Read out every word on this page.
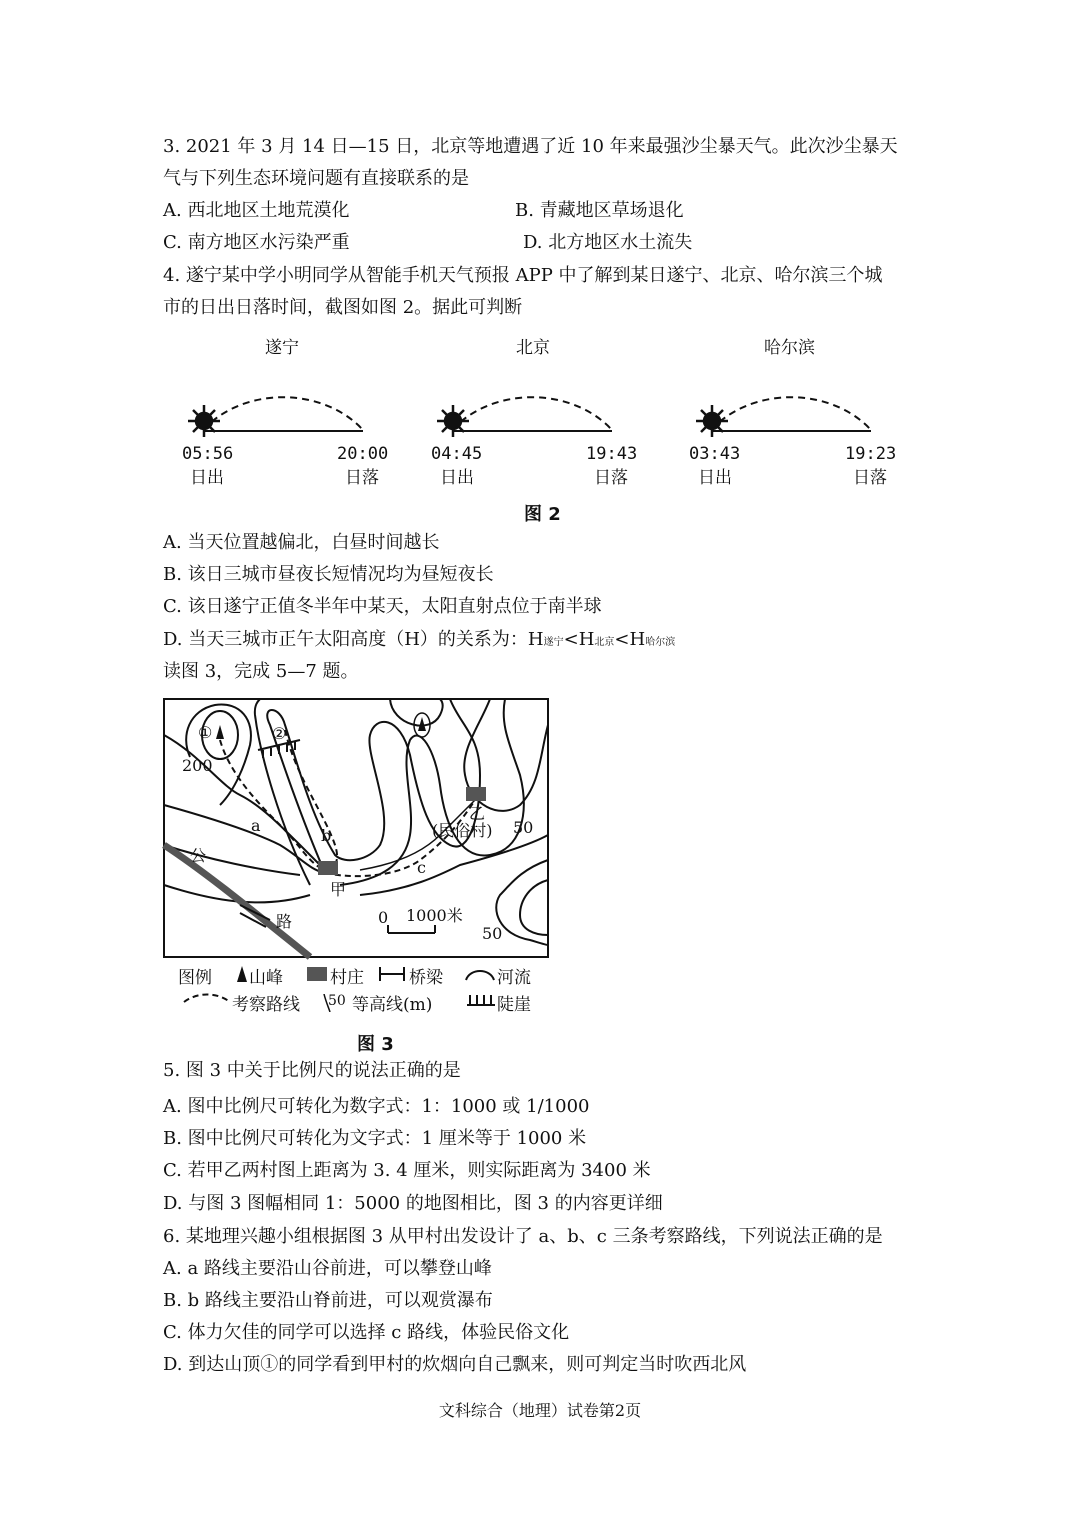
3. 2021 年 3 月 14 日—15 日，北京等地遭遇了近 10 年来最强沙尘暴天气。此次沙尘暴天
气与下列生态环境问题有直接联系的是
A. 西北地区土地荒漠化	B. 青藏地区草场退化
C. 南方地区水污染严重	D. 北方地区水土流失
4. 遂宁某中学小明同学从智能手机天气预报 APP 中了解到某日遂宁、北京、哈尔滨三个城
市的日出日落时间，截图如图 2。据此可判断
遂宁	北京	哈尔滨
05:56
日出
20:00
日落
04:45
日出
19:43
日落
03:43
日出
19:23
日落
图 2
A. 当天位置越偏北，白昼时间越长
B. 该日三城市昼夜长短情况均为昼短夜长
C. 该日遂宁正值冬半年中某天，太阳直射点位于南半球
D. 当天三城市正午太阳高度（H）的关系为：H遂宁<H北京<H哈尔滨
读图 3，完成 5—7 题。
①	②
200
50
50
a
b
c
甲
乙
(民俗村)
公
路	0 1000米
图例 山峰	村庄	桥梁	河流
考察路线 50 等高线(m)	陡崖
图 3
5. 图 3 中关于比例尺的说法正确的是
A. 图中比例尺可转化为数字式：1：1000 或 1/1000
B. 图中比例尺可转化为文字式：1 厘米等于 1000 米
C. 若甲乙两村图上距离为 3. 4 厘米，则实际距离为 3400 米
D. 与图 3 图幅相同 1：5000 的地图相比，图 3 的内容更详细
6. 某地理兴趣小组根据图 3 从甲村出发设计了 a、b、c 三条考察路线，下列说法正确的是
A. a 路线主要沿山谷前进，可以攀登山峰
B. b 路线主要沿山脊前进，可以观赏瀑布
C. 体力欠佳的同学可以选择 c 路线，体验民俗文化
D. 到达山顶①的同学看到甲村的炊烟向自己飘来，则可判定当时吹西北风
文科综合（地理）试卷第2页
